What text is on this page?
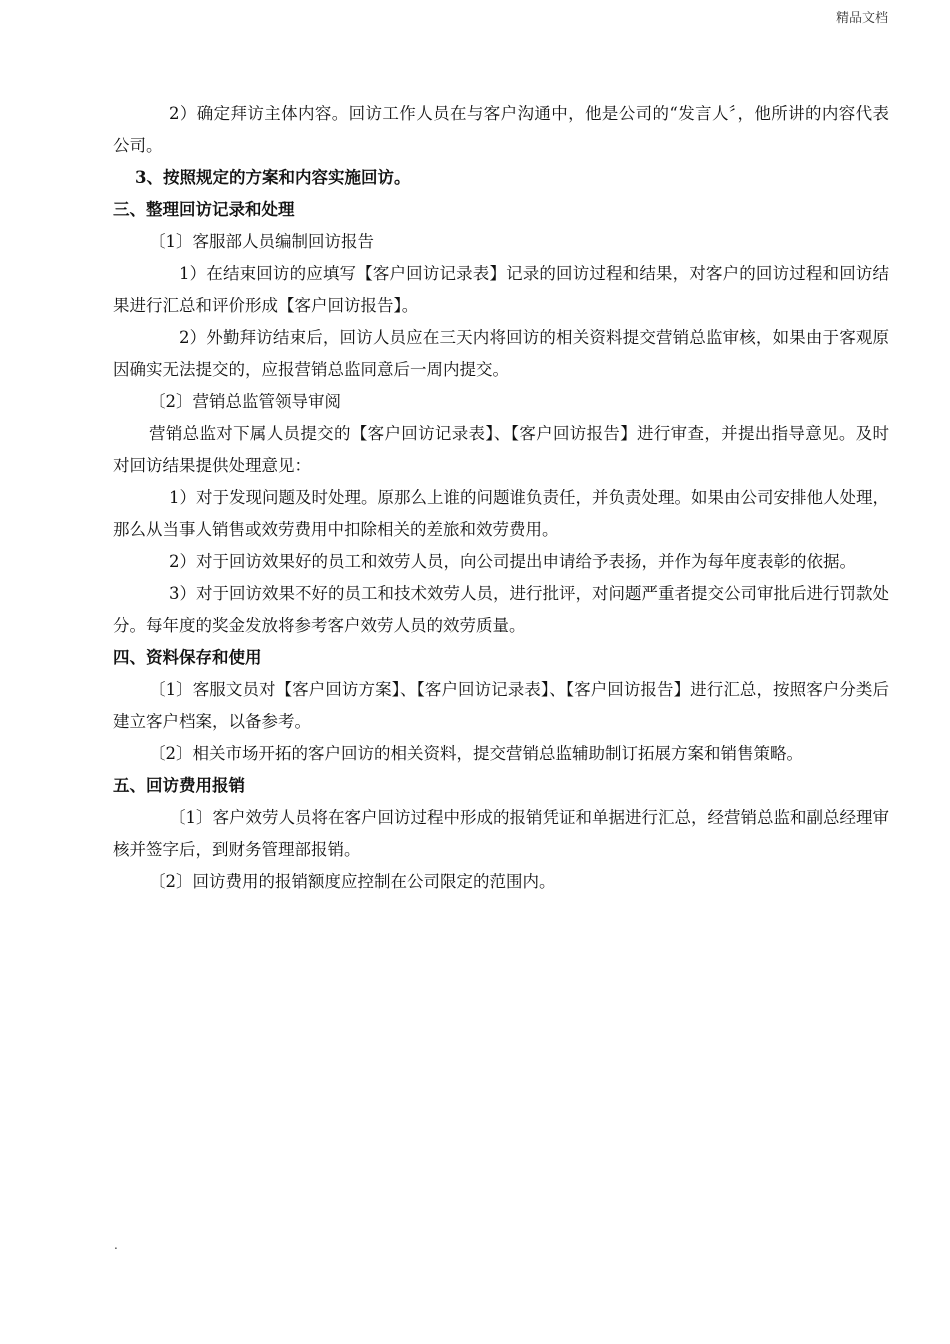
精品文档

2）确定拜访主体内容。回访工作人员在与客户沟通中，他是公司的“发言人〞，他所讲的内容代表公司。

3、按照规定的方案和内容实施回访。

三、整理回访记录和处理

〔1〕客服部人员编制回访报告

1）在结束回访的应填写【客户回访记录表】记录的回访过程和结果，对客户的回访过程和回访结果进行汇总和评价形成【客户回访报告】。

2）外勤拜访结束后，回访人员应在三天内将回访的相关资料提交营销总监审核，如果由于客观原因确实无法提交的，应报营销总监同意后一周内提交。

〔2〕营销总监管领导审阅

营销总监对下属人员提交的【客户回访记录表】、【客户回访报告】进行审查，并提出指导意见。及时对回访结果提供处理意见：

1）对于发现问题及时处理。原那么上谁的问题谁负责任，并负责处理。如果由公司安排他人处理，那么从当事人销售或效劳费用中扣除相关的差旅和效劳费用。

2）对于回访效果好的员工和效劳人员，向公司提出申请给予表扬，并作为每年度表彰的依据。

3）对于回访效果不好的员工和技术效劳人员，进行批评，对问题严重者提交公司审批后进行罚款处分。每年度的奖金发放将参考客户效劳人员的效劳质量。

四、资料保存和使用

〔1〕客服文员对【客户回访方案】、【客户回访记录表】、【客户回访报告】进行汇总，按照客户分类后建立客户档案，以备参考。

〔2〕相关市场开拓的客户回访的相关资料，提交营销总监辅助制订拓展方案和销售策略。

五、回访费用报销

〔1〕客户效劳人员将在客户回访过程中形成的报销凭证和单据进行汇总，经营销总监和副总经理审核并签字后，到财务管理部报销。

〔2〕回访费用的报销额度应控制在公司限定的范围内。

.
